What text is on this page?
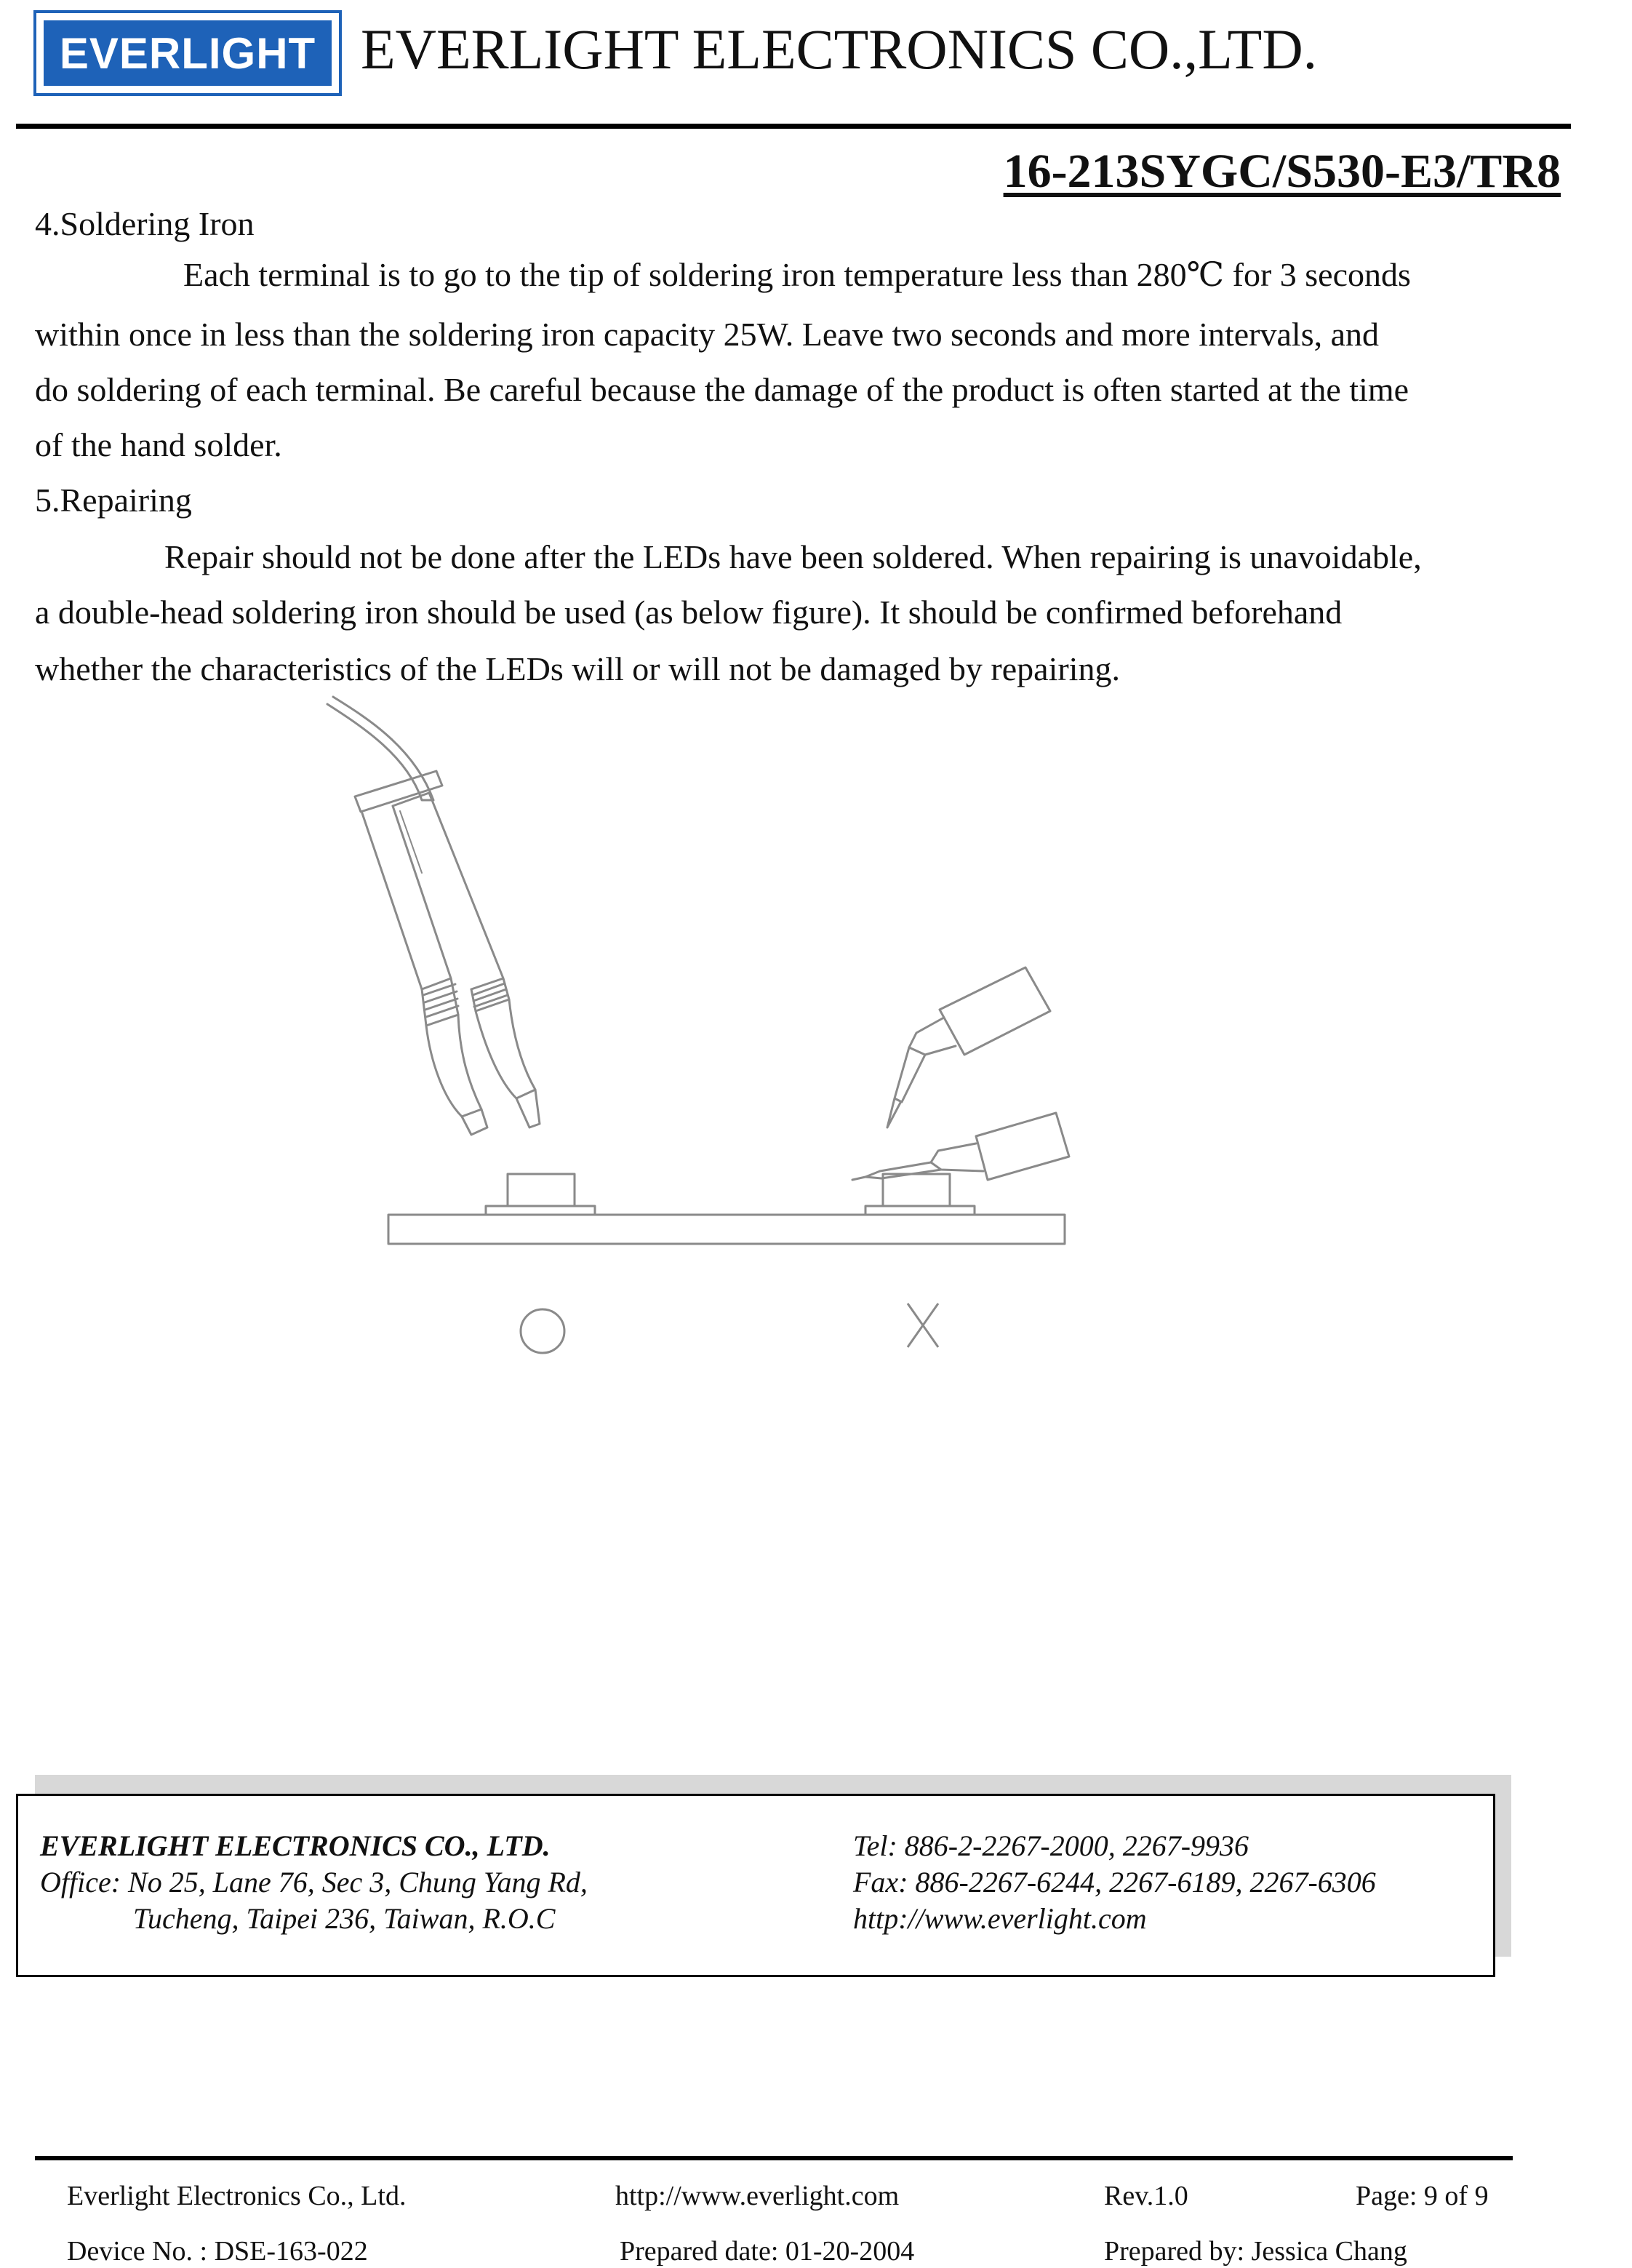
EVERLIGHT EVERLIGHT ELECTRONICS CO.,LTD.
16-213SYGC/S530-E3/TR8
4.Soldering Iron
Each terminal is to go to the tip of soldering iron temperature less than 280℃ for 3 seconds
within once in less than the soldering iron capacity 25W. Leave two seconds and more intervals, and
do soldering of each terminal. Be careful because the damage of the product is often started at the time
of the hand solder.
5.Repairing
Repair should not be done after the LEDs have been soldered. When repairing is unavoidable,
a double-head soldering iron should be used (as below figure). It should be confirmed beforehand
whether the characteristics of the LEDs will or will not be damaged by repairing.
EVERLIGHT ELECTRONICS CO., LTD.
Office: No 25, Lane 76, Sec 3, Chung Yang Rd,
Tucheng, Taipei 236, Taiwan, R.O.C
Tel: 886-2-2267-2000, 2267-9936
Fax: 886-2267-6244, 2267-6189, 2267-6306
http://www.everlight.com
Everlight Electronics Co., Ltd.	http://www.everlight.com	Rev.1.0	Page: 9 of 9
Device No. : DSE-163-022	Prepared date: 01-20-2004	Prepared by: Jessica Chang
